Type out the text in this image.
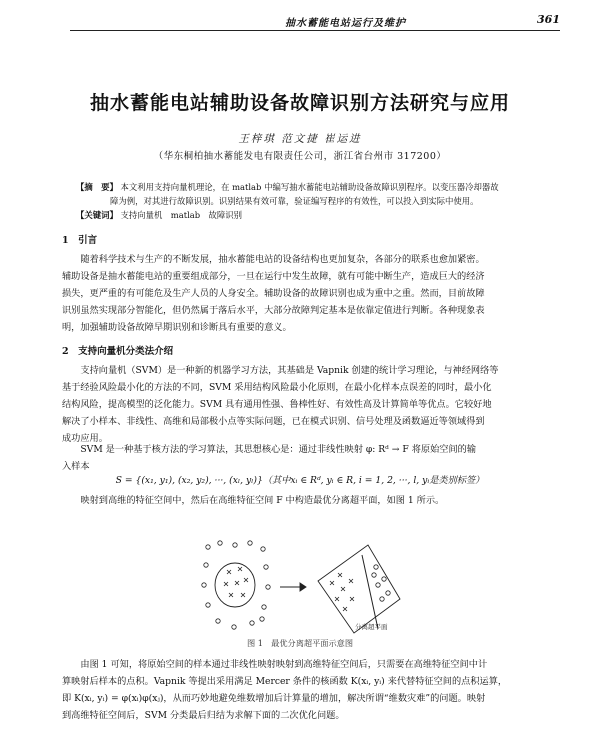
抽水蓄能电站运行及维护	361
抽水蓄能电站辅助设备故障识别方法研究与应用
王梓琪 范文捷 崔运进
（华东桐柏抽水蓄能发电有限责任公司，浙江省台州市 317200）

【摘　要】 本文利用支持向量机理论，在 matlab 中编写抽水蓄能电站辅助设备故障识别程序。以变压器冷却器故

障为例，对其进行故障识别。识别结果有效可靠，验证编写程序的有效性，可以投入到实际中使用。

【关键词】 支持向量机　matlab　故障识别

1　引言

随着科学技术与生产的不断发展，抽水蓄能电站的设备结构也更加复杂，各部分的联系也愈加紧密。

辅助设备是抽水蓄能电站的重要组成部分，一旦在运行中发生故障，就有可能中断生产，造成巨大的经济

损失，更严重的有可能危及生产人员的人身安全。辅助设备的故障识别也成为重中之重。然而，目前故障

识别虽然实现部分智能化，但仍然属于落后水平，大部分故障判定基本是依靠定值进行判断。各种现象表

明，加强辅助设备故障早期识别和诊断具有重要的意义。

2　支持向量机分类法介绍

支持向量机（SVM）是一种新的机器学习方法，其基础是 Vapnik 创建的统计学习理论，与神经网络等

基于经验风险最小化的方法的不同，SVM 采用结构风险最小化原则，在最小化样本点误差的同时，最小化

结构风险，提高模型的泛化能力。SVM 具有通用性强、鲁棒性好、有效性高及计算简单等优点。它较好地

解决了小样本、非线性、高维和局部极小点等实际问题，已在模式识别、信号处理及函数逼近等领域得到

成功应用。

SVM 是一种基于核方法的学习算法，其思想核心是：通过非线性映射 φ: Rᵈ → F 将原始空间的输

入样本

S = {(x₁, y₁), (x₂, y₂), ···, (xₗ, yₗ)}（其中xᵢ ∈ Rᵈ, yᵢ ∈ R, i = 1, 2, ···, l, yᵢ是类别标签）

映射到高维的特征空间中，然后在高维特征空间 F 中构造最优分离超平面，如图 1 所示。

分离超平面
图 1　最优分离超平面示意图

由图 1 可知，将原始空间的样本通过非线性映射映射到高维特征空间后，只需要在高维特征空间中计

算映射后样本的点积。Vapnik 等提出采用满足 Mercer 条件的核函数 K(xᵢ, yᵢ) 来代替特征空间的点积运算，

即 K(xᵢ, yᵢ) = φ(xᵢ)φ(xⱼ)，从而巧妙地避免维数增加后计算量的增加，解决所谓“维数灾难”的问题。映射

到高维特征空间后，SVM 分类最后归结为求解下面的二次优化问题。
